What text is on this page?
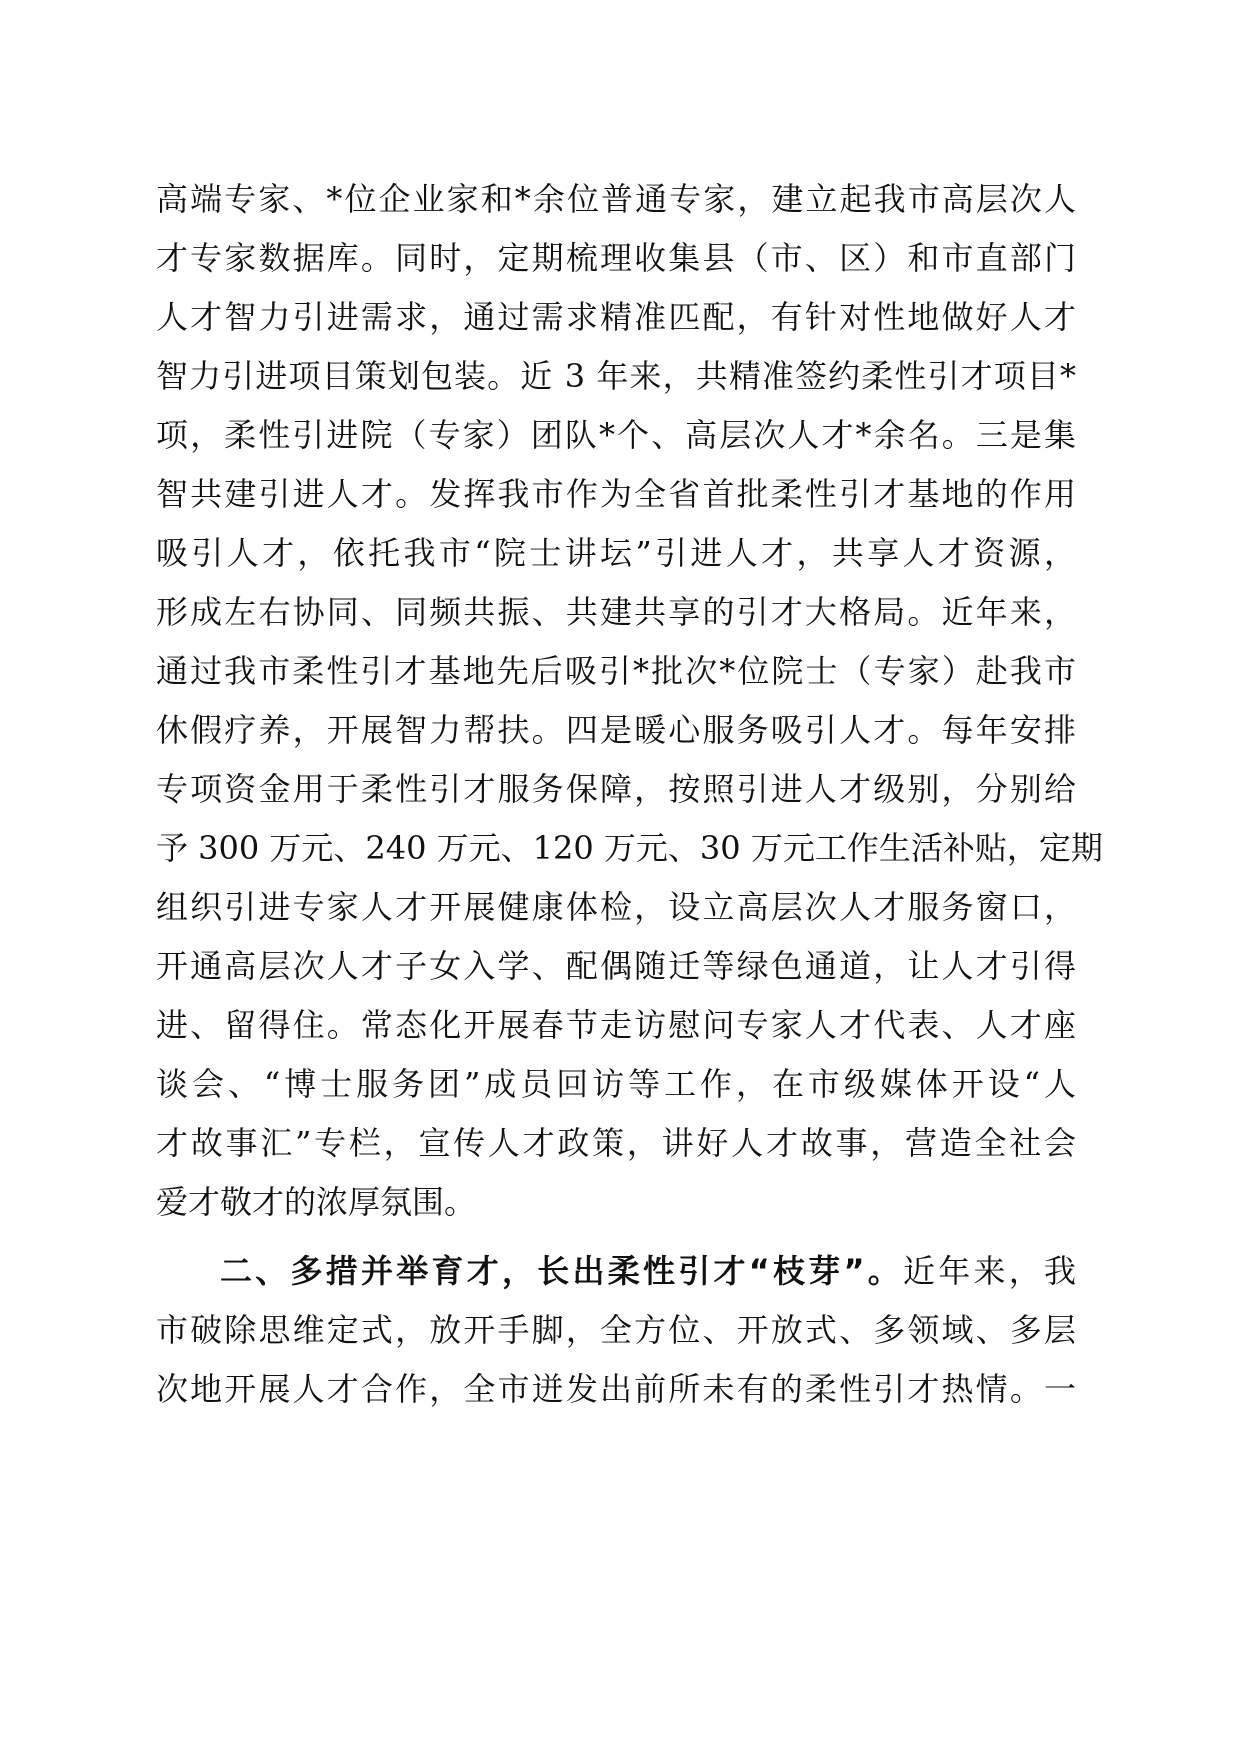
高端专家、*位企业家和*余位普通专家，建立起我市高层次人
才专家数据库。同时，定期梳理收集县（市、区）和市直部门
人才智力引进需求，通过需求精准匹配，有针对性地做好人才
智力引进项目策划包装。近 3 年来，共精准签约柔性引才项目*
项，柔性引进院（专家）团队*个、高层次人才*余名。三是集
智共建引进人才。发挥我市作为全省首批柔性引才基地的作用
吸引人才，依托我市“院士讲坛”引进人才，共享人才资源，
形成左右协同、同频共振、共建共享的引才大格局。近年来，
通过我市柔性引才基地先后吸引*批次*位院士（专家）赴我市
休假疗养，开展智力帮扶。四是暖心服务吸引人才。每年安排
专项资金用于柔性引才服务保障，按照引进人才级别，分别给
予 300 万元、240 万元、120 万元、30 万元工作生活补贴，定期
组织引进专家人才开展健康体检，设立高层次人才服务窗口，
开通高层次人才子女入学、配偶随迁等绿色通道，让人才引得
进、留得住。常态化开展春节走访慰问专家人才代表、人才座
谈会、“博士服务团”成员回访等工作，在市级媒体开设“人
才故事汇”专栏，宣传人才政策，讲好人才故事，营造全社会
爱才敬才的浓厚氛围。
二、多措并举育才，长出柔性引才“枝芽”。近年来，我
市破除思维定式，放开手脚，全方位、开放式、多领域、多层
次地开展人才合作，全市迸发出前所未有的柔性引才热情。一
